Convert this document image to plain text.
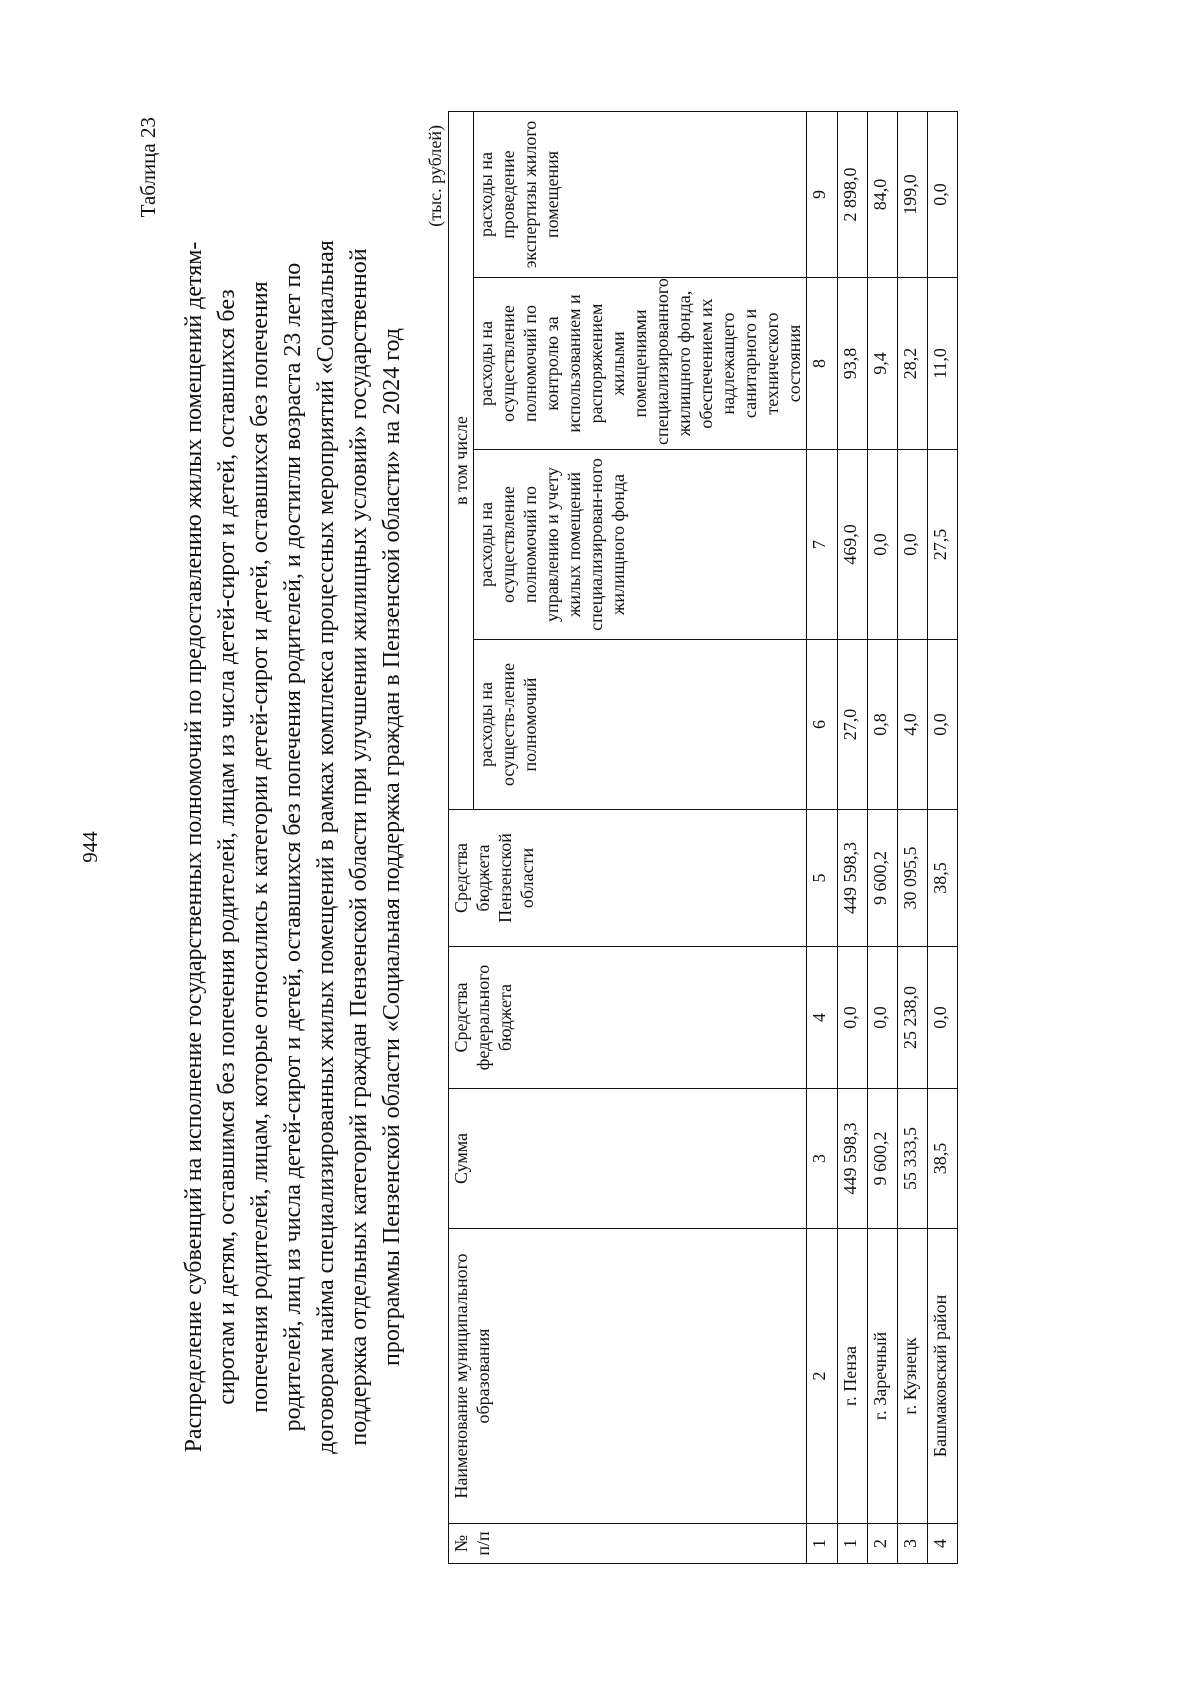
944
Таблица 23
Распределение субвенций на исполнение государственных полномочий по предоставлению жилых помещений детям- сиротам и детям, оставшимся без попечения родителей, лицам из числа детей-сирот и детей, оставшихся без попечения родителей, лицам, которые относились к категории детей-сирот и детей, оставшихся без попечения родителей, лиц из числа детей-сирот и детей, оставшихся без попечения родителей, и достигли возраста 23 лет по договорам найма специализированных жилых помещений в рамках комплекса процессных мероприятий «Социальная поддержка отдельных категорий граждан Пензенской области при улучшении жилищных условий» государственной программы Пензенской области «Социальная поддержка граждан в Пензенской области» на 2024 год
(тыс. рублей)
№ п/п	Наименование муниципального образования	Сумма	Средства федерального бюджета	Средства бюджета Пензенской области	в том числе			
					расходы на осуществ-ление полномочий	расходы на осуществление полномочий по управлению и учету жилых помещений специализирован-ного жилищного фонда	расходы на осуществление полномочий по контролю за использованием и распоряжением жилыми помещениями специализированного жилищного фонда, обеспечением их надлежащего санитарного и технического состояния	расходы на проведение экспертизы жилого помещения
1	2	3	4	5	6	7	8	9
1	г. Пенза	449 598,3	0,0	449 598,3	27,0	469,0	93,8	2 898,0
2	г. Заречный	9 600,2	0,0	9 600,2	0,8	0,0	9,4	84,0
3	г. Кузнецк	55 333,5	25 238,0	30 095,5	4,0	0,0	28,2	199,0
4	Башмаковский район	38,5	0,0	38,5	0,0	27,5	11,0	0,0
